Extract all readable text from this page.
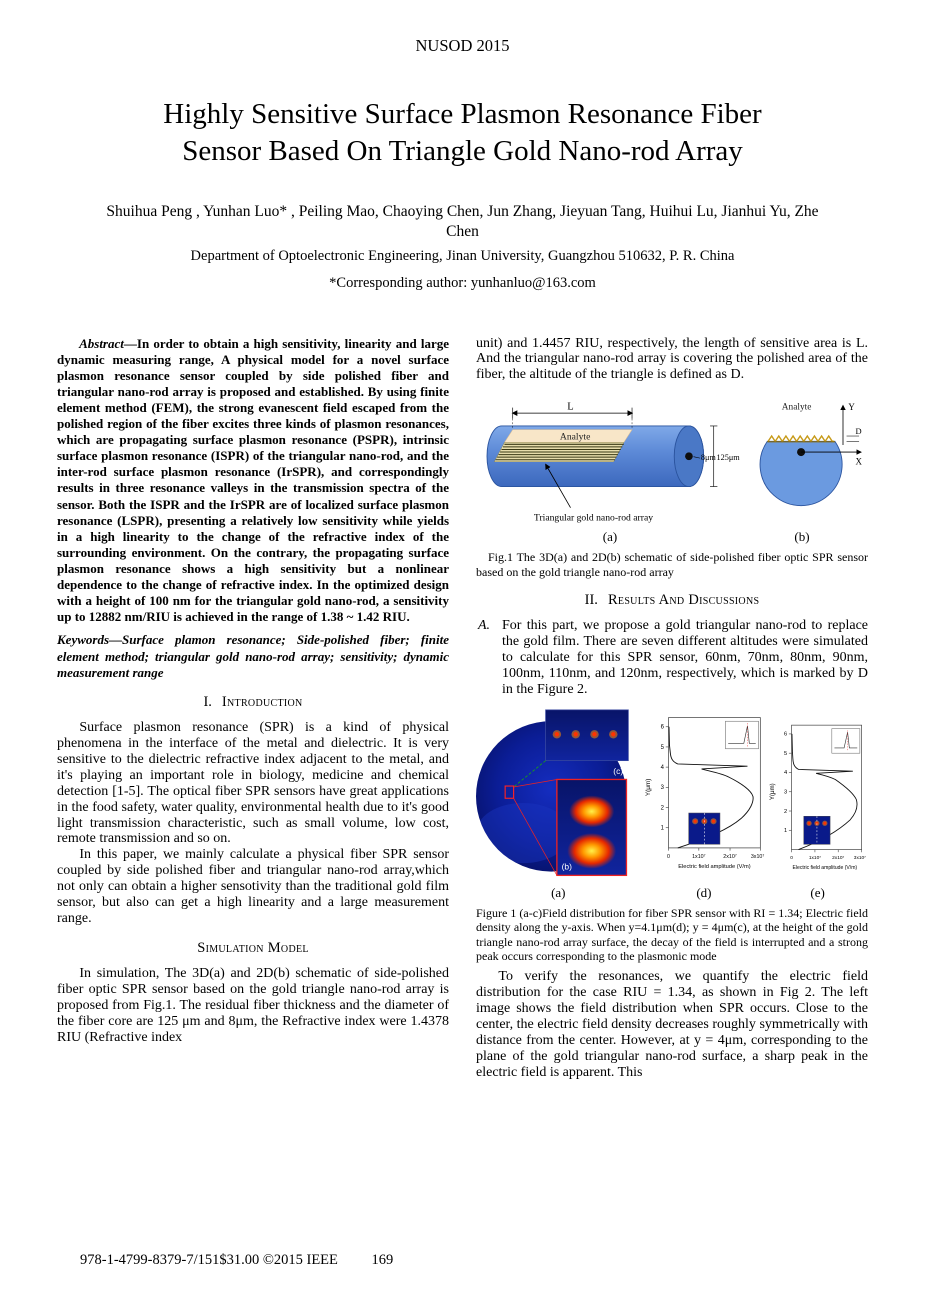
NUSOD 2015
Highly Sensitive Surface Plasmon Resonance Fiber
Sensor Based On Triangle Gold Nano-rod Array
Shuihua Peng , Yunhan Luo* , Peiling Mao, Chaoying Chen, Jun Zhang, Jieyuan Tang, Huihui Lu, Jianhui Yu, Zhe
Chen
Department of Optoelectronic Engineering, Jinan University, Guangzhou 510632, P. R. China
*Corresponding author: yunhanluo@163.com

Abstract—In order to obtain a high sensitivity, linearity and large dynamic measuring range, A physical model for a novel surface plasmon resonance sensor coupled by side polished fiber and triangular nano-rod array is proposed and established. By using finite element method (FEM), the strong evanescent field escaped from the polished region of the fiber excites three kinds of plasmon resonances, which are propagating surface plasmon resonance (PSPR), intrinsic surface plasmon resonance (ISPR) of the triangular nano-rod, and the inter-rod surface plasmon resonance (IrSPR), and correspondingly results in three resonance valleys in the transmission spectra of the sensor. Both the ISPR and the IrSPR are of localized surface plasmon resonance (LSPR), presenting a relatively low sensitivity while yields in a high linearity to the change of the refractive index of the surrounding environment. On the contrary, the propagating surface plasmon resonance shows a high sensitivity but a nonlinear dependence to the change of refractive index. In the optimized design with a height of 100 nm for the triangular gold nano-rod, a sensitivity up to 12882 nm/RIU is achieved in the range of 1.38 ~ 1.42 RIU.

Keywords—Surface plamon resonance; Side-polished fiber; finite element method; triangular gold nano-rod array; sensitivity; dynamic measurement range

I. Introduction

Surface plasmon resonance (SPR) is a kind of physical phenomena in the interface of the metal and dielectric. It is very sensitive to the dielectric refractive index adjacent to the metal, and it's playing an important role in biology, medicine and chemical detection [1-5]. The optical fiber SPR sensors have great applications in the food safety, water quality, environmental health due to it's good light transmission characteristic, such as small volume, low cost, remote transmission and so on.

In this paper, we mainly calculate a physical fiber SPR sensor coupled by side polished fiber and triangular nano-rod array,which not only can obtain a higher sensotivity than the traditional gold film sensor, but also can get a high linearity and a large measurement range.

Simulation Model

In simulation, The 3D(a) and 2D(b) schematic of side-polished fiber optic SPR sensor based on the gold triangle nano-rod array is proposed from Fig.1. The residual fiber thickness and the diameter of the fiber core are 125 μm and 8μm, the Refractive index were 1.4378 RIU (Refractive index

unit) and 1.4457 RIU, respectively, the length of sensitive area is L. And the triangular nano-rod array is covering the polished area of the fiber, the altitude of the triangle is defined as D.

L
Analyte
8μm 125μm
Triangular gold nano-rod array
Analyte	Y
X
D
(a)	(b)
Fig.1 The 3D(a) and 2D(b) schematic of side-polished fiber optic SPR sensor based on the gold triangle nano-rod array
II. Results And Discussions

A. For this part, we propose a gold triangular nano-rod to replace the gold film. There are seven different altitudes were simulated to calculate for this SPR sensor, 60nm, 70nm, 80nm, 90nm, 100nm, 110nm, and 120nm, respectively, which is marked by D in the Figure 2.

(c)
(b)
1
2
3
4
5
6
0	1x10⁷	2x10⁷ 3x10⁷
Y(μm)
Electric field amplitude (V/m)
1
2
3
4
5
6
0	1x10⁷ 2x10⁷ 3x10⁷
Y(μm)
Electric field amplitude (V/m)
(a)	(d)	(e)
Figure 1 (a-c)Field distribution for fiber SPR sensor with RI = 1.34; Electric field density along the y-axis. When y=4.1μm(d); y = 4μm(c), at the height of the gold triangle nano-rod array surface, the decay of the field is interrupted and a strong peak occurs corresponding to the plasmonic mode

To verify the resonances, we quantify the electric field distribution for the case RIU = 1.34, as shown in Fig 2. The left image shows the field distribution when SPR occurs. Close to the center, the electric field density decreases roughly symmetrically with distance from the center. However, at y = 4μm, corresponding to the plane of the gold triangular nano-rod surface, a sharp peak in the electric field is apparent. This

978-1-4799-8379-7/151$31.00 ©2015 IEEE 169
